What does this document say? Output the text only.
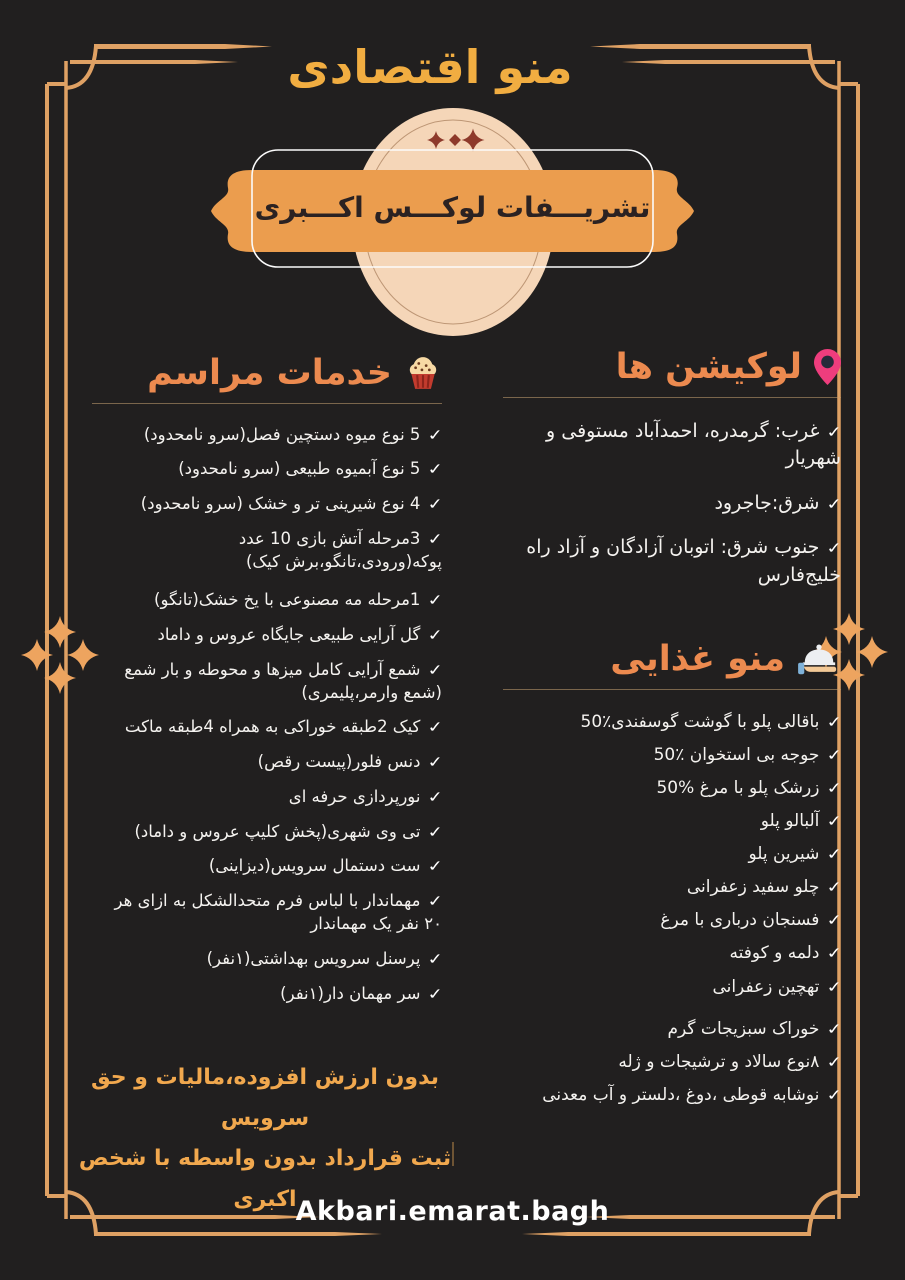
منو اقتصادی
تشریـــفات لوکـــس اکـــبری
خدمات مراسم
✓5 نوع میوه دستچین فصل(سرو نامحدود)
✓5 نوع آبمیوه طبیعی (سرو نامحدود)
✓4 نوع شیرینی تر و خشک (سرو نامحدود)
✓3مرحله آتش بازی 10 عدد پوکه(ورودی،تانگو،برش کیک)
✓1مرحله مه مصنوعی با یخ خشک(تانگو)
✓گل آرایی طبیعی جایگاه عروس و داماد
✓شمع آرایی کامل میزها و محوطه و بار شمع (شمع وارمر،پلیمری)
✓کیک 2طبقه خوراکی به همراه 4طبقه ماکت
✓دنس فلور(پیست رقص)
✓نورپردازی حرفه ای
✓تی وی شهری(پخش کلیپ عروس و داماد)
✓ست دستمال سرویس(دیزاینی)
✓مهماندار با لباس فرم متحدالشکل به ازای هر ۲۰ نفر یک مهماندار
✓پرسنل سرویس بهداشتی(۱نفر)
✓سر مهمان دار(۱نفر)
لوکیشن ها
✓غرب: گرمدره، احمدآباد مستوفی و شهریار
✓شرق:جاجرود
✓جنوب شرق: اتوبان آزادگان و آزاد راه خلیج‌فارس
منو غذایی
✓باقالی پلو با گوشت گوسفندی٪50
✓جوجه بی استخوان ٪50
✓زرشک پلو با مرغ %50
✓آلبالو پلو
✓شیرین پلو
✓چلو سفید زعفرانی
✓فسنجان درباری با مرغ
✓دلمه و کوفته
✓تهچین زعفرانی
✓خوراک سبزیجات گرم
✓۸نوع سالاد و ترشیجات و ژله
✓نوشابه قوطی ،دوغ ،دلستر و آب معدنی
بدون ارزش افزوده،مالیات و حق سرویس
ثبت قرارداد بدون واسطه با شخص اکبری Akbari.emarat.bagh
